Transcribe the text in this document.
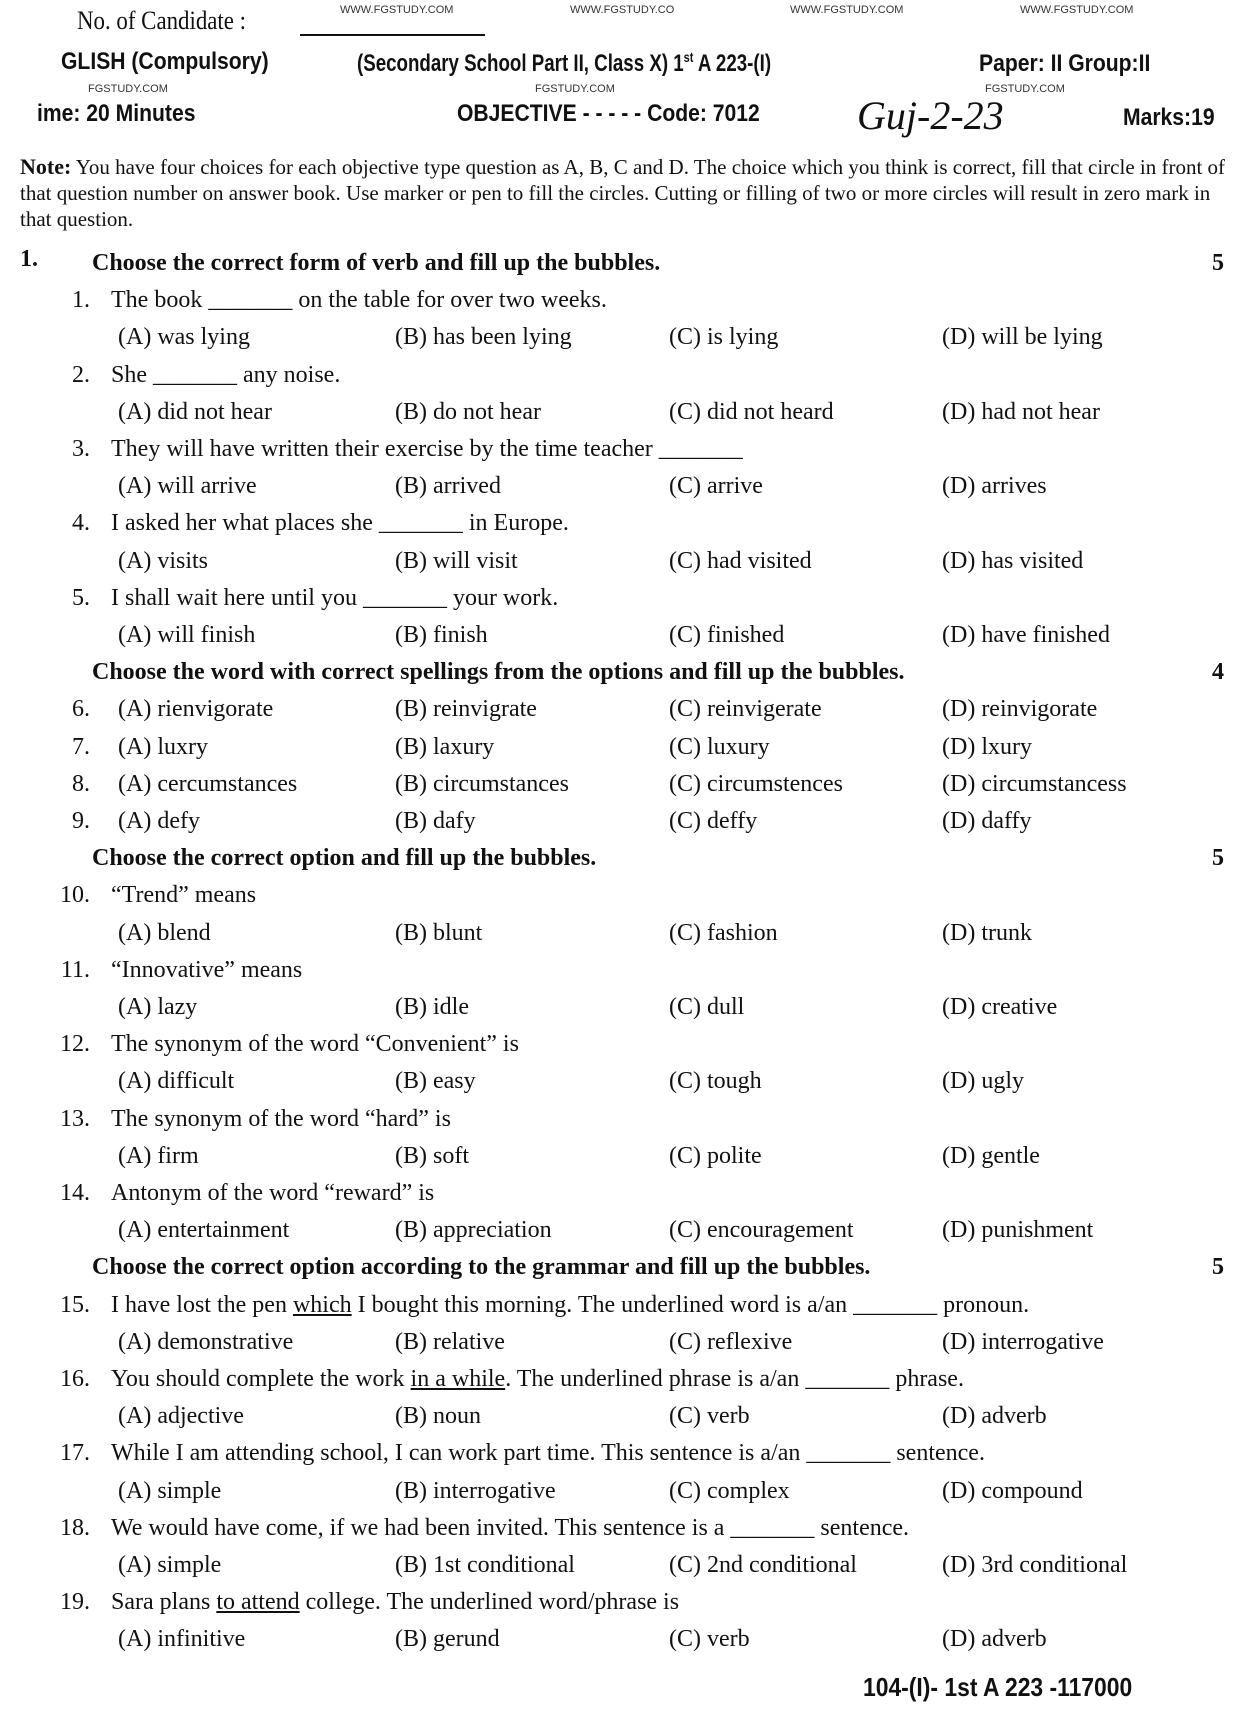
No. of Candidate :
GLISH (Compulsory)	(Secondary School Part II, Class X) 1st A 223-(I)	Paper: II Group:II
ime: 20 Minutes	OBJECTIVE - - - - - Code: 7012 Guj-2-23	Marks:19
Note: You have four choices for each objective type question as A, B, C and D. The choice which you think is correct, fill that circle in front of that question number on answer book. Use marker or pen to fill the circles. Cutting or filling of two or more circles will result in zero mark in that question.
1. Choose the correct form of verb and fill up the bubbles.	5
1. The book _______ on the table for over two weeks.
(A) was lying	(B) has been lying	(C) is lying	(D) will be lying
2. She _______ any noise.
(A) did not hear	(B) do not hear	(C) did not heard	(D) had not hear
3. They will have written their exercise by the time teacher _______
(A) will arrive	(B) arrived	(C) arrive	(D) arrives
4. I asked her what places she _______ in Europe.
(A) visits	(B) will visit	(C) had visited	(D) has visited
5. I shall wait here until you _______ your work.
(A) will finish	(B) finish	(C) finished	(D) have finished
Choose the word with correct spellings from the options and fill up the bubbles.	4
6. (A) rienvigorate	(B) reinvigrate	(C) reinvigerate	(D) reinvigorate
7. (A) luxry	(B) laxury	(C) luxury	(D) lxury
8. (A) cercumstances	(B) circumstances	(C) circumstences	(D) circumstancess
9. (A) defy	(B) dafy	(C) deffy	(D) daffy
Choose the correct option and fill up the bubbles.	5
10. “Trend” means
(A) blend	(B) blunt	(C) fashion	(D) trunk
11. “Innovative” means
(A) lazy	(B) idle	(C) dull	(D) creative
12. The synonym of the word “Convenient” is
(A) difficult	(B) easy	(C) tough	(D) ugly
13. The synonym of the word “hard” is
(A) firm	(B) soft	(C) polite	(D) gentle
14. Antonym of the word “reward” is
(A) entertainment	(B) appreciation	(C) encouragement	(D) punishment
Choose the correct option according to the grammar and fill up the bubbles.	5
15. I have lost the pen which I bought this morning. The underlined word is a/an _______ pronoun.
(A) demonstrative	(B) relative	(C) reflexive	(D) interrogative
16. You should complete the work in a while. The underlined phrase is a/an _______ phrase.
(A) adjective	(B) noun	(C) verb	(D) adverb
17. While I am attending school, I can work part time. This sentence is a/an _______ sentence.
(A) simple	(B) interrogative	(C) complex	(D) compound
18. We would have come, if we had been invited. This sentence is a _______ sentence.
(A) simple	(B) 1st conditional	(C) 2nd conditional	(D) 3rd conditional
19. Sara plans to attend college. The underlined word/phrase is
(A) infinitive	(B) gerund	(C) verb	(D) adverb
104-(I)- 1st A 223 -117000
WWW.FGSTUDY.COM	WWW.FGSTUDY.CO	WWW.FGSTUDY.COM	WWW.FGSTUDY.COM
FGSTUDY.COM	FGSTUDY.COM	FGSTUDY.COM
